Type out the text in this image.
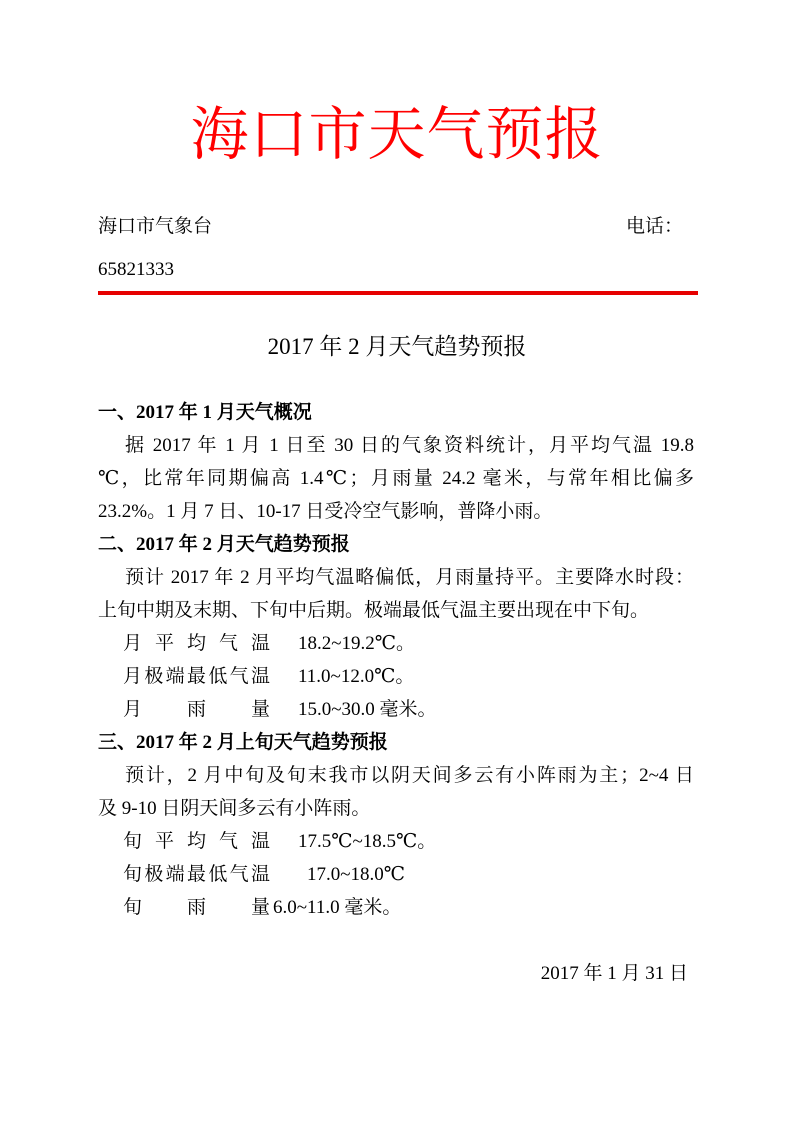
海口市天气预报
海口市气象台	电话：
65821333
2017 年 2 月天气趋势预报
一、2017 年 1 月天气概况
据 2017 年 1 月 1 日至 30 日的气象资料统计，月平均气温 19.8
℃，比常年同期偏高 1.4℃；月雨量 24.2 毫米，与常年相比偏多
23.2%。1 月 7 日、10-17 日受冷空气影响，普降小雨。
二、2017 年 2 月天气趋势预报
预计 2017 年 2 月平均气温略偏低，月雨量持平。主要降水时段：
上旬中期及末期、下旬中后期。极端最低气温主要出现在中下旬。
月平均气温 18.2~19.2℃。
月极端最低气温 11.0~12.0℃。
月雨量 15.0~30.0 毫米。
三、2017 年 2 月上旬天气趋势预报
预计，2 月中旬及旬末我市以阴天间多云有小阵雨为主；2~4 日
及 9-10 日阴天间多云有小阵雨。
旬平均气温 17.5℃~18.5℃。
旬极端最低气温 17.0~18.0℃
旬雨量 6.0~11.0 毫米。
2017 年 1 月 31 日
